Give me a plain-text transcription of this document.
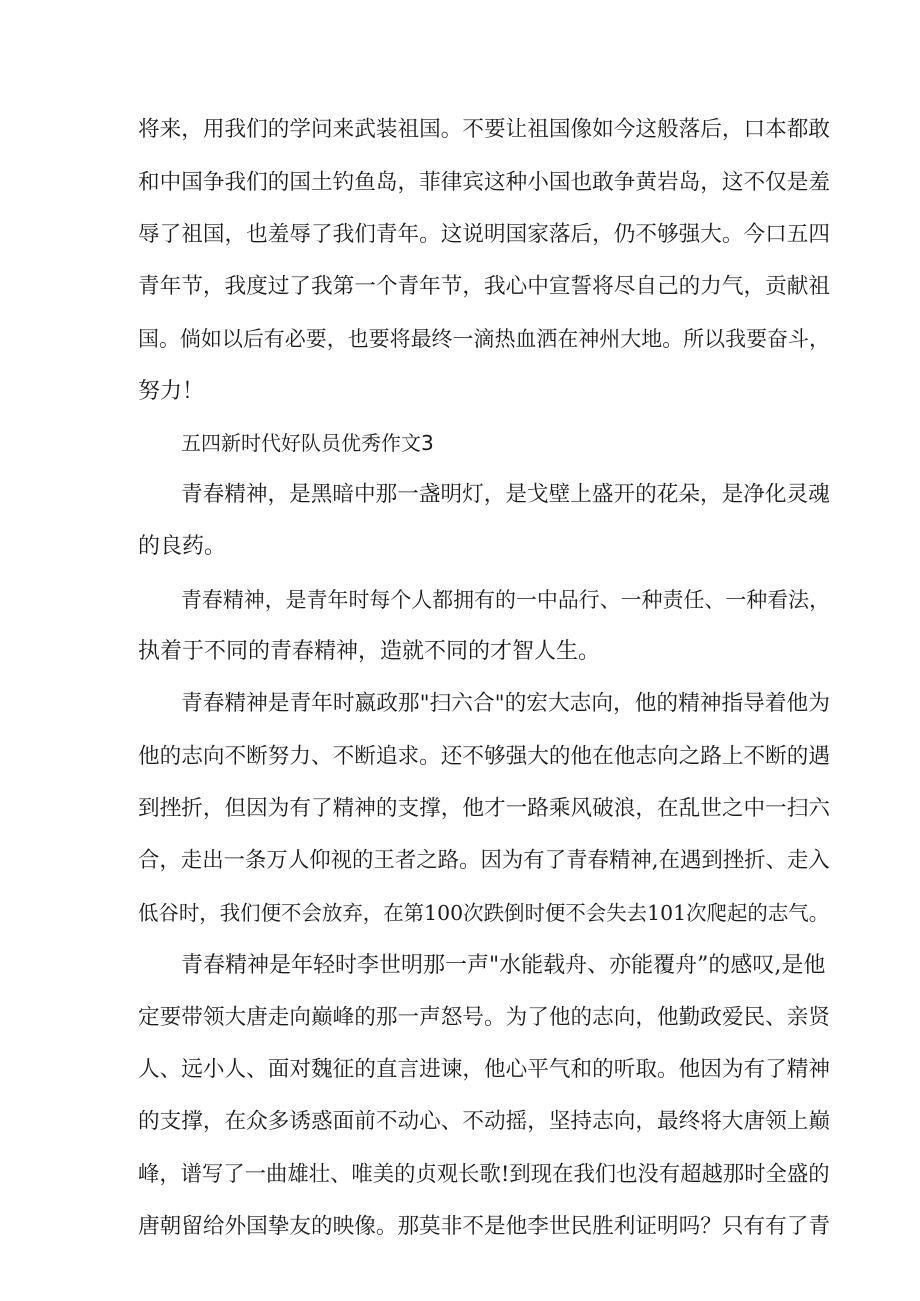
将来，用我们的学问来武装祖国。不要让祖国像如今这般落后，口本都敢
和中国争我们的国土钓鱼岛，菲律宾这种小国也敢争黄岩岛，这不仅是羞
辱了祖国，也羞辱了我们青年。这说明国家落后，仍不够强大。今口五四
青年节，我度过了我第一个青年节，我心中宣誓将尽自己的力气，贡献祖
国。倘如以后有必要，也要将最终一滴热血洒在神州大地。所以我要奋斗，
努力！
五四新时代好队员优秀作文3
青春精神，是黑暗中那一盏明灯，是戈壁上盛开的花朵，是净化灵魂
的良药。
青春精神，是青年时每个人都拥有的一中品行、一种责任、一种看法，
执着于不同的青春精神，造就不同的才智人生。
青春精神是青年时嬴政那"扫六合"的宏大志向，他的精神指导着他为
他的志向不断努力、不断追求。还不够强大的他在他志向之路上不断的遇
到挫折，但因为有了精神的支撑，他才一路乘风破浪，在乱世之中一扫六
合，走出一条万人仰视的王者之路。因为有了青春精神,在遇到挫折、走入
低谷时，我们便不会放弃，在第100次跌倒时便不会失去101次爬起的志气。
青春精神是年轻时李世明那一声"水能载舟、亦能覆舟”的感叹,是他
定要带领大唐走向巅峰的那一声怒号。为了他的志向，他勤政爱民、亲贤
人、远小人、面对魏征的直言进谏，他心平气和的听取。他因为有了精神
的支撑，在众多诱惑面前不动心、不动摇，坚持志向，最终将大唐领上巅
峰，谱写了一曲雄壮、唯美的贞观长歌!到现在我们也没有超越那时全盛的
唐朝留给外国挚友的映像。那莫非不是他李世民胜利证明吗？只有有了青
